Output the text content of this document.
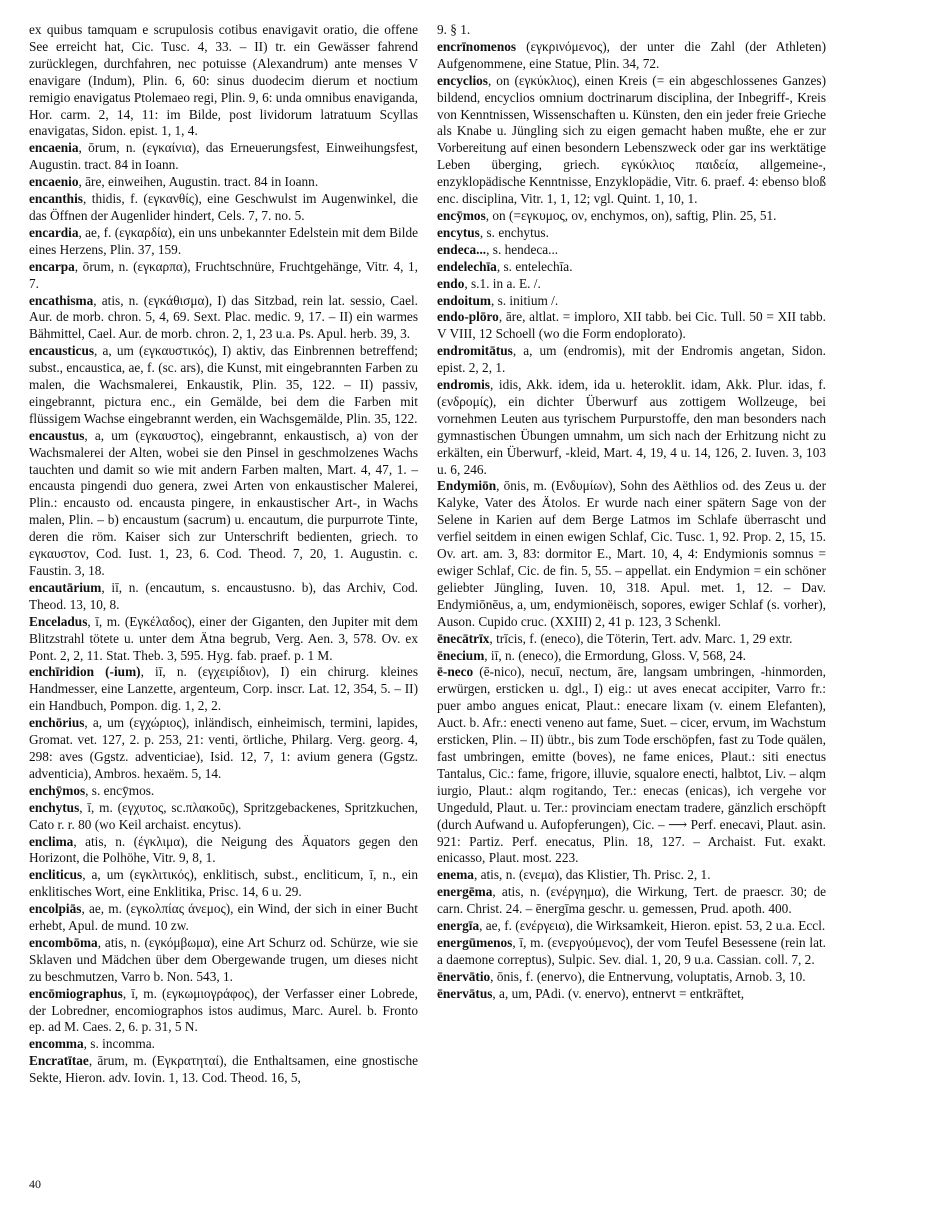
ex quibus tamquam e scrupulosis cotibus enavigavit oratio, die offene See erreicht hat, Cic. Tusc. 4, 33. – II) tr. ein Gewässer fahrend zurücklegen, durchfahren, nec potuisse (Alexandrum) ante menses V enavigare (Indum), Plin. 6, 60: sinus duodecim dierum et noctium remigio enavigatus Ptolemaeo regi, Plin. 9, 6: unda omnibus enaviganda, Hor. carm. 2, 14, 11: im Bilde, post lividorum latratuum Scyllas enavigatas, Sidon. epist. 1, 1, 4.

encaenia, ōrum, n. (εγκαίνια), das Erneuerungsfest, Einweihungsfest, Augustin. tract. 84 in Ioann.

encaenio, āre, einweihen, Augustin. tract. 84 in Ioann.

encanthis, thidis, f. (εγκανθίς), eine Geschwulst im Augenwinkel, die das Öffnen der Augenlider hindert, Cels. 7, 7. no. 5.

encardia, ae, f. (εγκαρδία), ein uns unbekannter Edelstein mit dem Bilde eines Herzens, Plin. 37, 159.

encarpa, ōrum, n. (εγκαρπα), Fruchtschnüre, Fruchtgehänge, Vitr. 4, 1, 7.

encathisma, atis, n. (εγκάθισμα), I) das Sitzbad, rein lat. sessio, Cael. Aur. de morb. chron. 5, 4, 69. Sext. Plac. medic. 9, 17. – II) ein warmes Bähmittel, Cael. Aur. de morb. chron. 2, 1, 23 u.a. Ps. Apul. herb. 39, 3.

encausticus, a, um (εγκαυστικός), I) aktiv, das Einbrennen betreffend; subst., encaustica, ae, f. (sc. ars), die Kunst, mit eingebrannten Farben zu malen, die Wachsmalerei, Enkaustik, Plin. 35, 122. – II) passiv, eingebrannt, pictura enc., ein Gemälde, bei dem die Farben mit flüssigem Wachse eingebrannt werden, ein Wachsgemälde, Plin. 35, 122.

encaustus, a, um (εγκαυστος), eingebrannt, enkaustisch, a) von der Wachsmalerei der Alten, wobei sie den Pinsel in geschmolzenes Wachs tauchten und damit so wie mit andern Farben malten, Mart. 4, 47, 1. – encausta pingendi duo genera, zwei Arten von enkaustischer Malerei, Plin.: encausto od. encausta pingere, in enkaustischer Art-, in Wachs malen, Plin. – b) encaustum (sacrum) u. encautum, die purpurrote Tinte, deren die röm. Kaiser sich zur Unterschrift bedienten, griech. το εγκαυστον, Cod. Iust. 1, 23, 6. Cod. Theod. 7, 20, 1. Augustin. c. Faustin. 3, 18.

encautārium, iī, n. (encautum, s. encaustusno. b), das Archiv, Cod. Theod. 13, 10, 8.

Enceladus, ī, m. (Εγκέλαδος), einer der Giganten, den Jupiter mit dem Blitzstrahl tötete u. unter dem Ätna begrub, Verg. Aen. 3, 578. Ov. ex Pont. 2, 2, 11. Stat. Theb. 3, 595. Hyg. fab. praef. p. 1 M.

enchīridion (-ium), iī, n. (εγχειρίδιον), I) ein chirurg. kleines Handmesser, eine Lanzette, argenteum, Corp. inscr. Lat. 12, 354, 5. – II) ein Handbuch, Pompon. dig. 1, 2, 2.

enchōrius, a, um (εγχώριος), inländisch, einheimisch, termini, lapides, Gromat. vet. 127, 2. p. 253, 21: venti, örtliche, Philarg. Verg. georg. 4, 298: aves (Ggstz. adventiciae), Isid. 12, 7, 1: avium genera (Ggstz. adventicia), Ambros. hexaëm. 5, 14.

enchȳmos, s. encȳmos.

enchytus, ī, m. (εγχυτος, sc.πλακοῦς), Spritzgebackenes, Spritzkuchen, Cato r. r. 80 (wo Keil archaist. encytus).

enclima, atis, n. (έγκλιμα), die Neigung des Äquators gegen den Horizont, die Polhöhe, Vitr. 9, 8, 1.

encliticus, a, um (εγκλιτικός), enklitisch, subst., encliticum, ī, n., ein enklitisches Wort, eine Enklitika, Prisc. 14, 6 u. 29.

encolpiās, ae, m. (εγκολπίας άνεμος), ein Wind, der sich in einer Bucht erhebt, Apul. de mund. 10 zw.

encombōma, atis, n. (εγκόμβωμα), eine Art Schurz od. Schürze, wie sie Sklaven und Mädchen über dem Obergewande trugen, um dieses nicht zu beschmutzen, Varro b. Non. 543, 1.

encōmiographus, ī, m. (εγκωμιογράφος), der Verfasser einer Lobrede, der Lobredner, encomiographos istos audimus, Marc. Aurel. b. Fronto ep. ad M. Caes. 2, 6. p. 31, 5 N.

encomma, s. incomma.

Encratītae, ārum, m. (Εγκρατηταί), die Enthaltsamen, eine gnostische Sekte, Hieron. adv. Iovin. 1, 13. Cod. Theod. 16, 5,

9. § 1.

encrīnomenos (εγκρινόμενος), der unter die Zahl (der Athleten) Aufgenommene, eine Statue, Plin. 34, 72.

encyclios, on (εγκύκλιος), einen Kreis (= ein abgeschlossenes Ganzes) bildend, encyclios omnium doctrinarum disciplina, der Inbegriff-, Kreis von Kenntnissen, Wissenschaften u. Künsten, den ein jeder freie Grieche als Knabe u. Jüngling sich zu eigen gemacht haben mußte, ehe er zur Vorbereitung auf einen besondern Lebenszweck oder gar ins werktätige Leben überging, griech. εγκύκλιος παιδεία, allgemeine-, enzyklopädische Kenntnisse, Enzyklopädie, Vitr. 6. praef. 4: ebenso bloß enc. disciplina, Vitr. 1, 1, 12; vgl. Quint. 1, 10, 1.

encȳmos, on (=εγκυμος, ον, enchymos, on), saftig, Plin. 25, 51.

encytus, s. enchytus.

endeca..., s. hendeca...

endelechīa, s. entelechīa.

endo, s.1. in a. E. /.

endoitum, s. initium /.

endo-plōro, āre, altlat. = imploro, XII tabb. bei Cic. Tull. 50 = XII tabb. V VIII, 12 Schoell (wo die Form endoplorato).

endromitātus, a, um (endromis), mit der Endromis angetan, Sidon. epist. 2, 2, 1.

endromis, idis, Akk. idem, ida u. heteroklit. idam, Akk. Plur. idas, f. (ενδρομίς), ein dichter Überwurf aus zottigem Wollzeuge, bei vornehmen Leuten aus tyrischem Purpurstoffe, den man besonders nach gymnastischen Übungen umnahm, um sich nach der Erhitzung nicht zu erkälten, ein Überwurf, -kleid, Mart. 4, 19, 4 u. 14, 126, 2. Iuven. 3, 103 u. 6, 246.

Endymiōn, ōnis, m. (Ενδυμίων), Sohn des Aëthlios od. des Zeus u. der Kalyke, Vater des Ätolos. Er wurde nach einer spätern Sage von der Selene in Karien auf dem Berge Latmos im Schlafe überrascht und verfiel seitdem in einen ewigen Schlaf, Cic. Tusc. 1, 92. Prop. 2, 15, 15. Ov. art. am. 3, 83: dormitor E., Mart. 10, 4, 4: Endymionis somnus = ewiger Schlaf, Cic. de fin. 5, 55. – appellat. ein Endymion = ein schöner geliebter Jüngling, Iuven. 10, 318. Apul. met. 1, 12. – Dav. Endymiōnēus, a, um, endymionëisch, sopores, ewiger Schlaf (s. vorher), Auson. Cupido cruc. (XXIII) 2, 41 p. 123, 3 Schenkl.

ēnecātrīx, trīcis, f. (eneco), die Töterin, Tert. adv. Marc. 1, 29 extr.

ēnecium, iī, n. (eneco), die Ermordung, Gloss. V, 568, 24.

ē-neco (ē-nico), necuī, nectum, āre, langsam umbringen, -hinmorden, erwürgen, ersticken u. dgl., I) eig.: ut aves enecat accipiter, Varro fr.: puer ambo angues enicat, Plaut.: enecare lixam (v. einem Elefanten), Auct. b. Afr.: enecti veneno aut fame, Suet. – cicer, ervum, im Wachstum ersticken, Plin. – II) übtr., bis zum Tode erschöpfen, fast zu Tode quälen, fast umbringen, emitte (boves), ne fame enices, Plaut.: siti enectus Tantalus, Cic.: fame, frigore, illuvie, squalore enecti, halbtot, Liv. – alqm iurgio, Plaut.: alqm rogitando, Ter.: enecas (enicas), ich vergehe vor Ungeduld, Plaut. u. Ter.: provinciam enectam tradere, gänzlich erschöpft (durch Aufwand u. Aufopferungen), Cic. – ⟶ Perf. enecavi, Plaut. asin. 921: Partiz. Perf. enecatus, Plin. 18, 127. – Archaist. Fut. exakt. enicasso, Plaut. most. 223.

enema, atis, n. (ενεμα), das Klistier, Th. Prisc. 2, 1.

energēma, atis, n. (ενέργημα), die Wirkung, Tert. de praescr. 30; de carn. Christ. 24. – ēnergīma geschr. u. gemessen, Prud. apoth. 400.

energīa, ae, f. (ενέργεια), die Wirksamkeit, Hieron. epist. 53, 2 u.a. Eccl.

energūmenos, ī, m. (ενεργούμενος), der vom Teufel Besessene (rein lat. a daemone correptus), Sulpic. Sev. dial. 1, 20, 9 u.a. Cassian. coll. 7, 2.

ēnervātio, ōnis, f. (enervo), die Entnervung, voluptatis, Arnob. 3, 10.

ēnervātus, a, um, PAdi. (v. enervo), entnervt = entkräftet,

40
